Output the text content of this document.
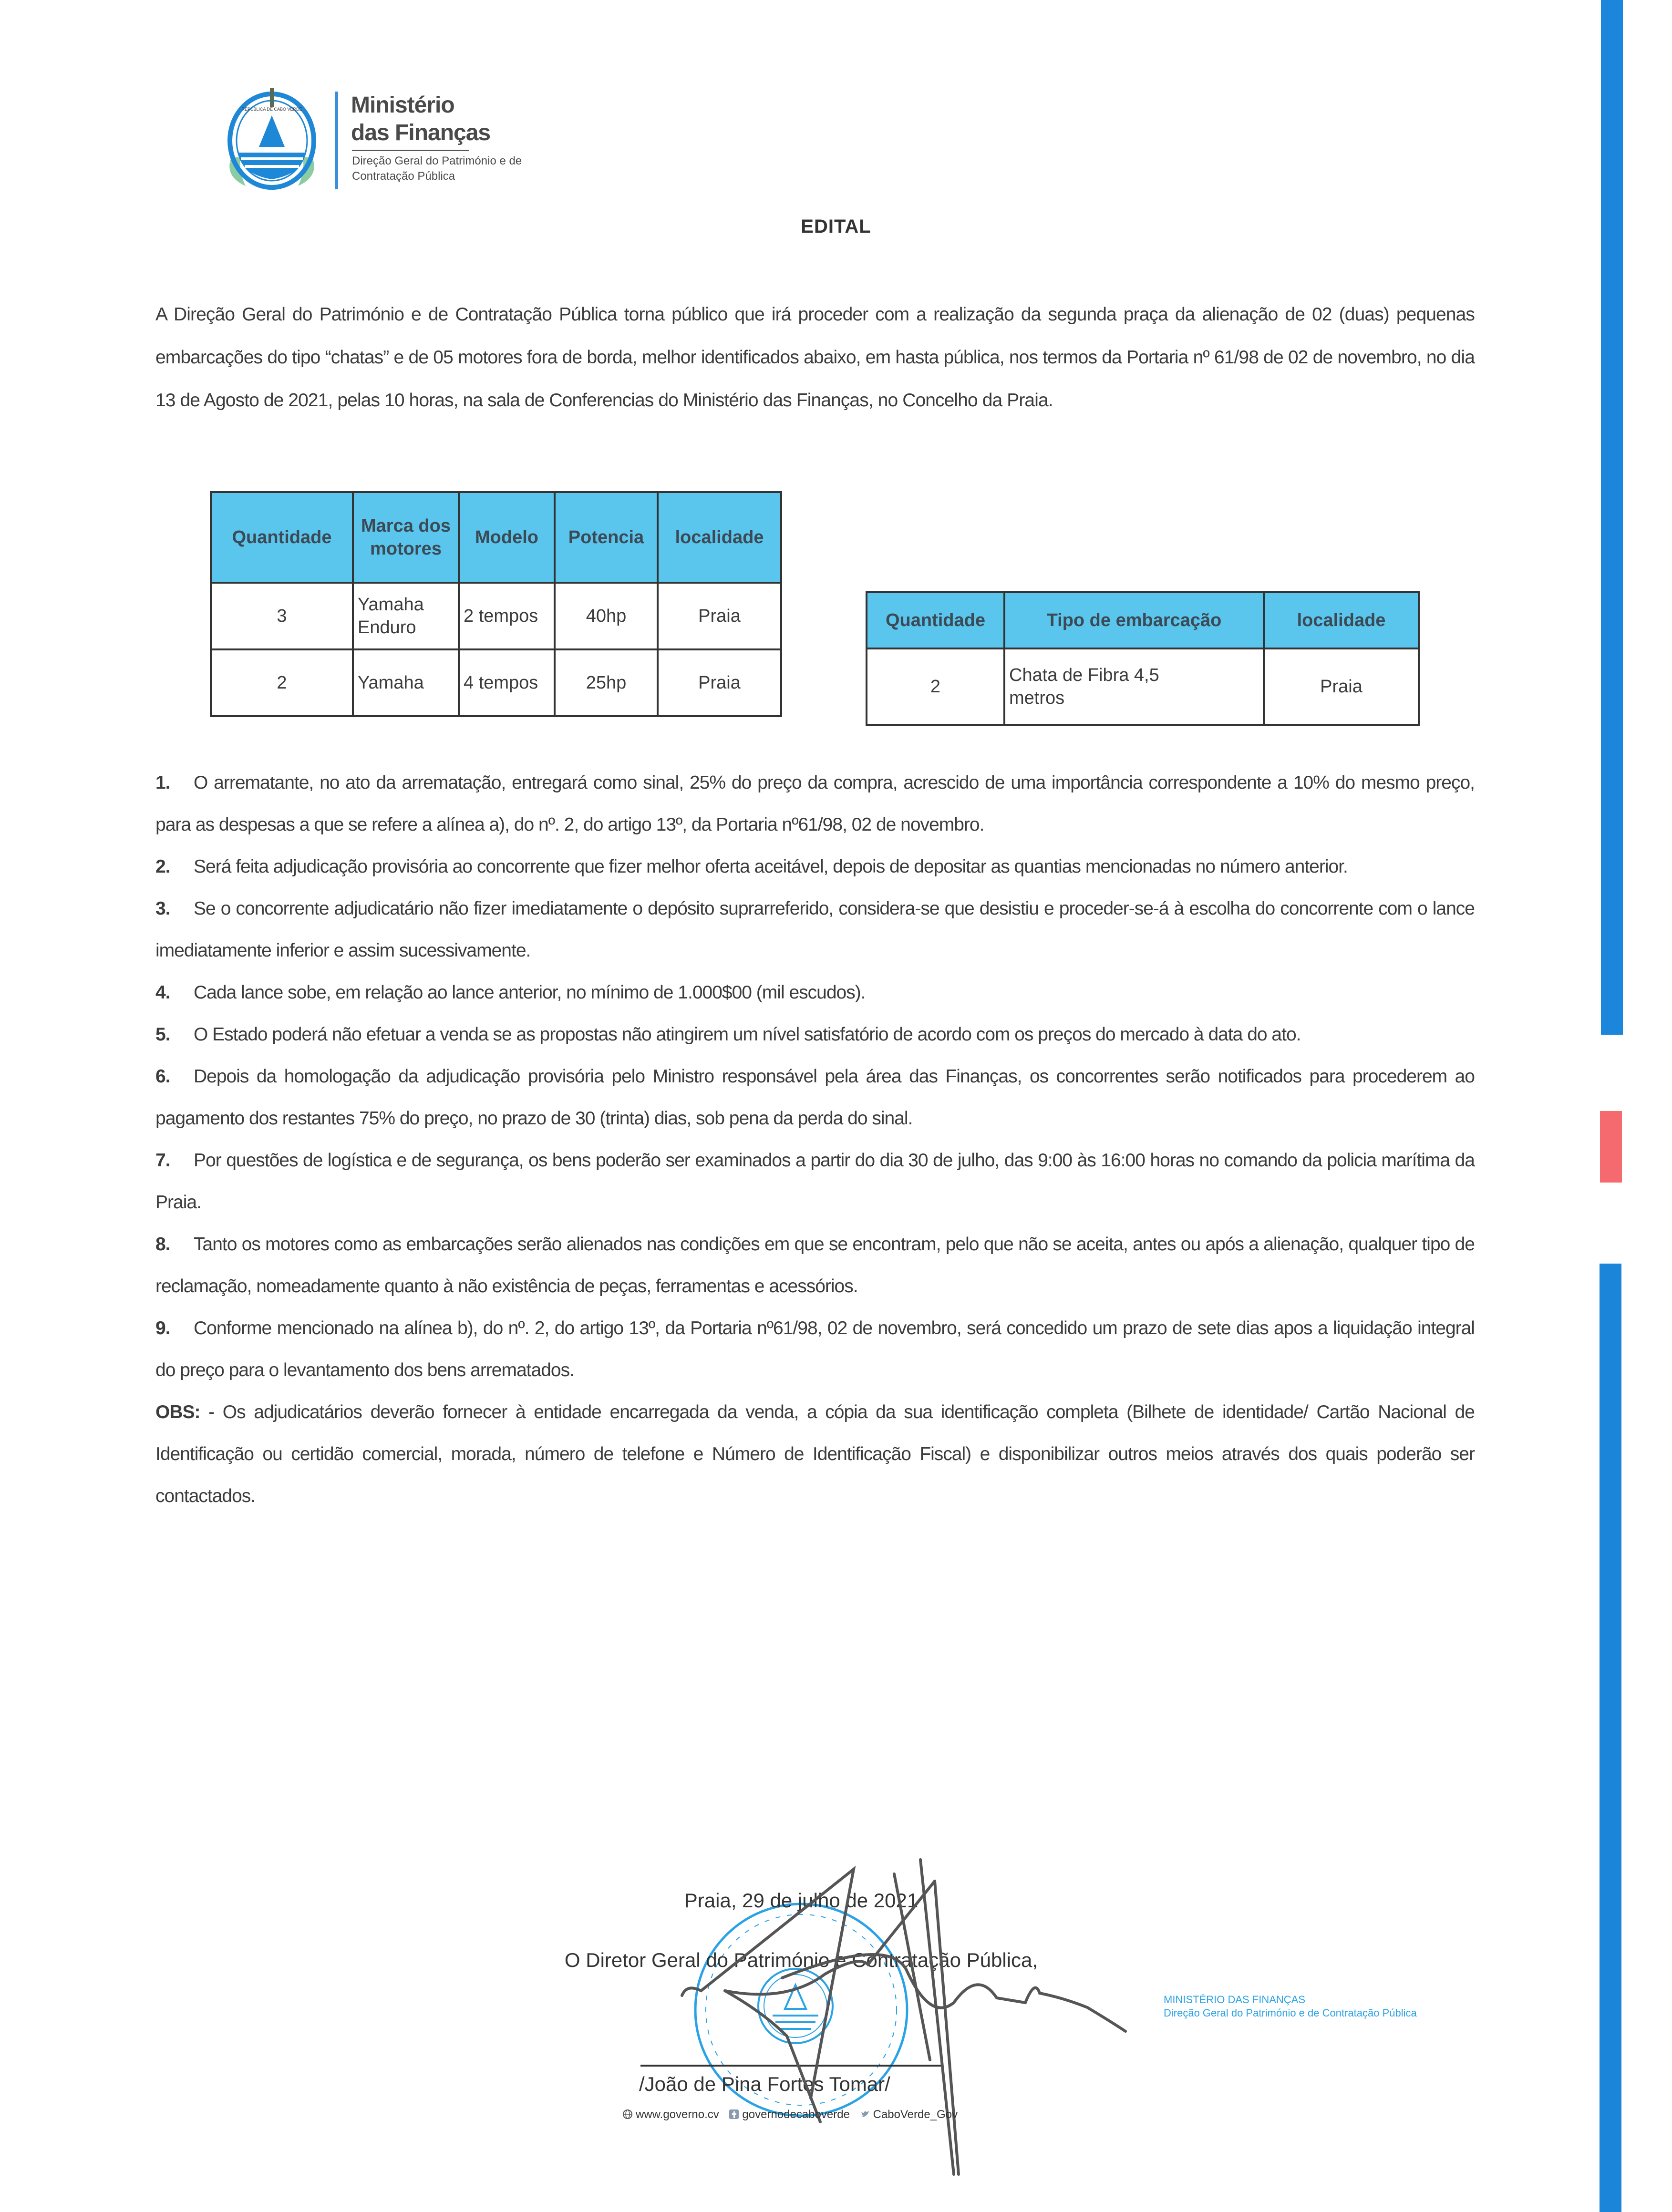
REPÚBLICA DE CABO VERDE Ministério
das Finanças
Direção Geral do Património e de
Contratação Pública
EDITAL

A Direção Geral do Património e de Contratação Pública torna público que irá proceder com a realização da segunda praça da alienação de 02 (duas) pequenas embarcações do tipo “chatas” e de 05 motores fora de borda, melhor identificados abaixo, em hasta pública, nos termos da Portaria nº 61/98 de 02 de novembro, no dia 13 de Agosto de 2021, pelas 10 horas, na sala de Conferencias do Ministério das Finanças, no Concelho da Praia.

Quantidade	Marca dos motores	Modelo	Potencia	localidade
3	Yamaha Enduro	2 tempos	40hp	Praia
2	Yamaha	4 tempos	25hp	Praia
Quantidade	Tipo de embarcação	localidade
2	Chata de Fibra 4,5 metros	Praia

1. O arrematante, no ato da arrematação, entregará como sinal, 25% do preço da compra, acrescido de uma importância correspondente a 10% do mesmo preço, para as despesas a que se refere a alínea a), do nº. 2, do artigo 13º, da Portaria nº61/98, 02 de novembro.

2. Será feita adjudicação provisória ao concorrente que fizer melhor oferta aceitável, depois de depositar as quantias mencionadas no número anterior.

3. Se o concorrente adjudicatário não fizer imediatamente o depósito suprarreferido, considera-se que desistiu e proceder-se-á à escolha do concorrente com o lance imediatamente inferior e assim sucessivamente.

4. Cada lance sobe, em relação ao lance anterior, no mínimo de 1.000$00 (mil escudos).

5. O Estado poderá não efetuar a venda se as propostas não atingirem um nível satisfatório de acordo com os preços do mercado à data do ato.

6. Depois da homologação da adjudicação provisória pelo Ministro responsável pela área das Finanças, os concorrentes serão notificados para procederem ao pagamento dos restantes 75% do preço, no prazo de 30 (trinta) dias, sob pena da perda do sinal.

7. Por questões de logística e de segurança, os bens poderão ser examinados a partir do dia 30 de julho, das 9:00 às 16:00 horas no comando da policia marítima da Praia.

8. Tanto os motores como as embarcações serão alienados nas condições em que se encontram, pelo que não se aceita, antes ou após a alienação, qualquer tipo de reclamação, nomeadamente quanto à não existência de peças, ferramentas e acessórios.

9. Conforme mencionado na alínea b), do nº. 2, do artigo 13º, da Portaria nº61/98, 02 de novembro, será concedido um prazo de sete dias apos a liquidação integral do preço para o levantamento dos bens arrematados.

OBS: - Os adjudicatários deverão fornecer à entidade encarregada da venda, a cópia da sua identificação completa (Bilhete de identidade/ Cartão Nacional de Identificação ou certidão comercial, morada, número de telefone e Número de Identificação Fiscal) e disponibilizar outros meios através dos quais poderão ser contactados.

MINISTÉRIO DAS FINANÇAS
Direção Geral do Património e de Contratação Pública
Praia, 29 de julho de 2021
O Diretor Geral do Património e Contratação Pública,
/João de Pina Fortes Tomar/
www.governo.cv governodecaboverde CaboVerde_Gov
